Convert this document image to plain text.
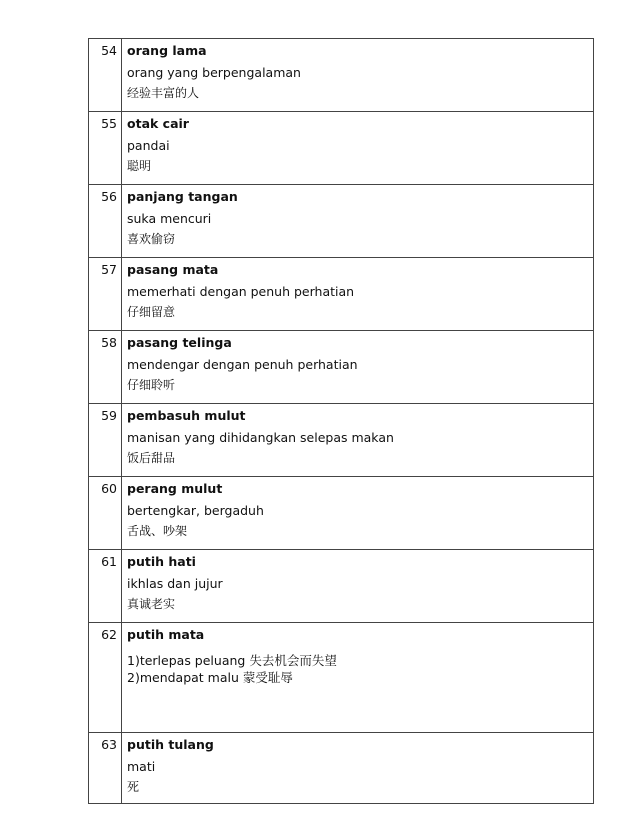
54	orang lama
orang yang berpengalaman
经验丰富的人

55	otak cair
pandai
聪明

56	panjang tangan
suka mencuri
喜欢偷窃

57	pasang mata
memerhati dengan penuh perhatian
仔细留意

58	pasang telinga
mendengar dengan penuh perhatian
仔细聆听

59	pembasuh mulut
manisan yang dihidangkan selepas makan
饭后甜品

60	perang mulut
bertengkar, bergaduh
舌战、吵架

61	putih hati
ikhlas dan jujur
真诚老实

62	putih mata
1)terlepas peluang 失去机会而失望
2)mendapat malu 蒙受耻辱

63	putih tulang
mati
死
